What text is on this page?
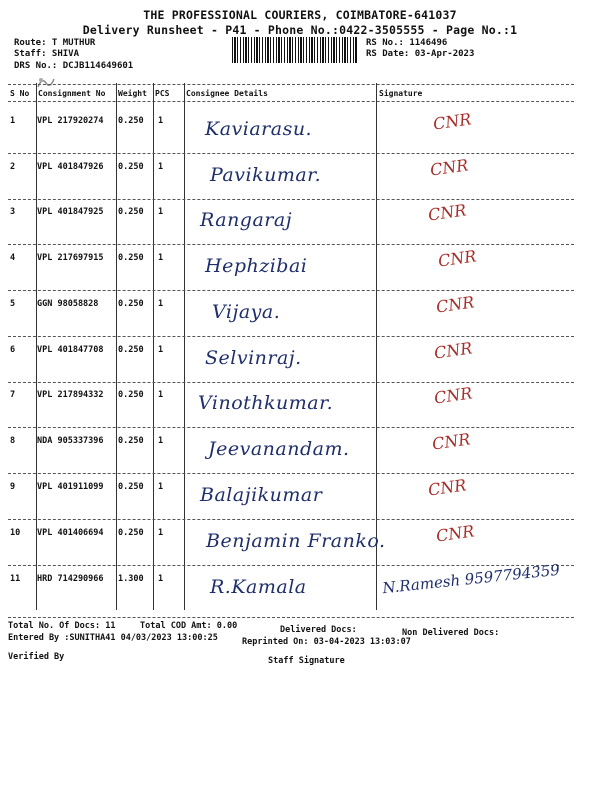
THE PROFESSIONAL COURIERS, COIMBATORE-641037
Delivery Runsheet - P41 - Phone No.:0422-3505555 - Page No.:1
Route: T MUTHUR
Staff: SHIVA
DRS No.: DCJB114649601
RS No.: 1146496
RS Date: 03-Apr-2023
S No Consignment No Weight PCS Consignee Details	Signature
1	VPL 217920274 0.250 1 Kaviarasu.	CNR
2	VPL 401847926 0.250 1 Pavikumar.	CNR
3	VPL 401847925 0.250 1 Rangaraj	CNR
4	VPL 217697915 0.250 1 Hephzibai	CNR
5	GGN 98058828 0.250 1	Vijaya.	CNR
6	VPL 401847708 0.250 1 Selvinraj.	CNR
7	VPL 217894332 0.250 1 Vinothkumar.	CNR
8	NDA 905337396 0.250 1 Jeevanandam.	CNR
9	VPL 401911099 0.250 1 Balajikumar	CNR
10 VPL 401406694 0.250 1 Benjamin Franko.	CNR
11 HRD 714290966 1.300 1 R.Kamala	N.Ramesh 9597794359
Total No. Of Docs: 11	Total COD Amt: 0.00	Delivered Docs:	Non Delivered Docs:
Entered By :SUNITHA41 04/03/2023 13:00:25	Reprinted On: 03-04-2023 13:03:07
Verified By	Staff Signature
